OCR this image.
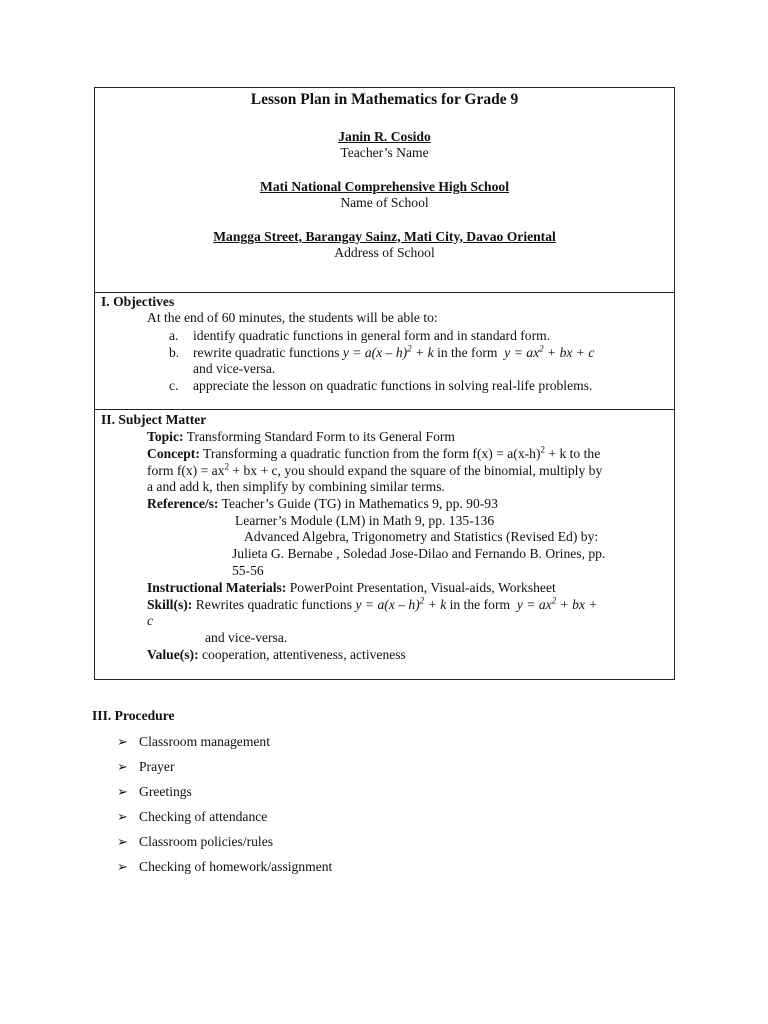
Lesson Plan in Mathematics for Grade 9
Janin R. Cosido
Teacher’s Name
Mati National Comprehensive High School
Name of School
Mangga Street, Barangay Sainz, Mati City, Davao Oriental
Address of School
I. Objectives
At the end of 60 minutes, the students will be able to:
a. identify quadratic functions in general form and in standard form.
b. rewrite quadratic functions y = a(x – h)$^2$ + k in the form $y = ax^2$ + bx + c
and vice-versa.
c. appreciate the lesson on quadratic functions in solving real-life problems.
II. Subject Matter
Topic: Transforming Standard Form to its General Form
Concept: Transforming a quadratic function from the form $f(x) = a(x-h)^2 + k$ to the
form $f(x) = ax^2$ + bx + c, you should expand the square of the binomial, multiply by
a and add k, then simplify by combining similar terms.
Reference/s: Teacher’s Guide (TG) in Mathematics 9, pp. 90-93
Learner’s Module (LM) in Math 9, pp. 135-136
Advanced Algebra, Trigonometry and Statistics (Revised Ed) by:
Julieta G. Bernabe , Soledad Jose-Dilao and Fernando B. Orines, pp.
55-56
Instructional Materials: PowerPoint Presentation, Visual-aids, Worksheet
Skill(s): Rewrites quadratic functions y = a(x – h)$^2$ + k in the form $y = ax^2$ + bx +
c
and vice-versa.
Value(s): cooperation, attentiveness, activeness
III. Procedure
➢ Classroom management
➢ Prayer
➢ Greetings
➢ Checking of attendance
➢ Classroom policies/rules
➢ Checking of homework/assignment
